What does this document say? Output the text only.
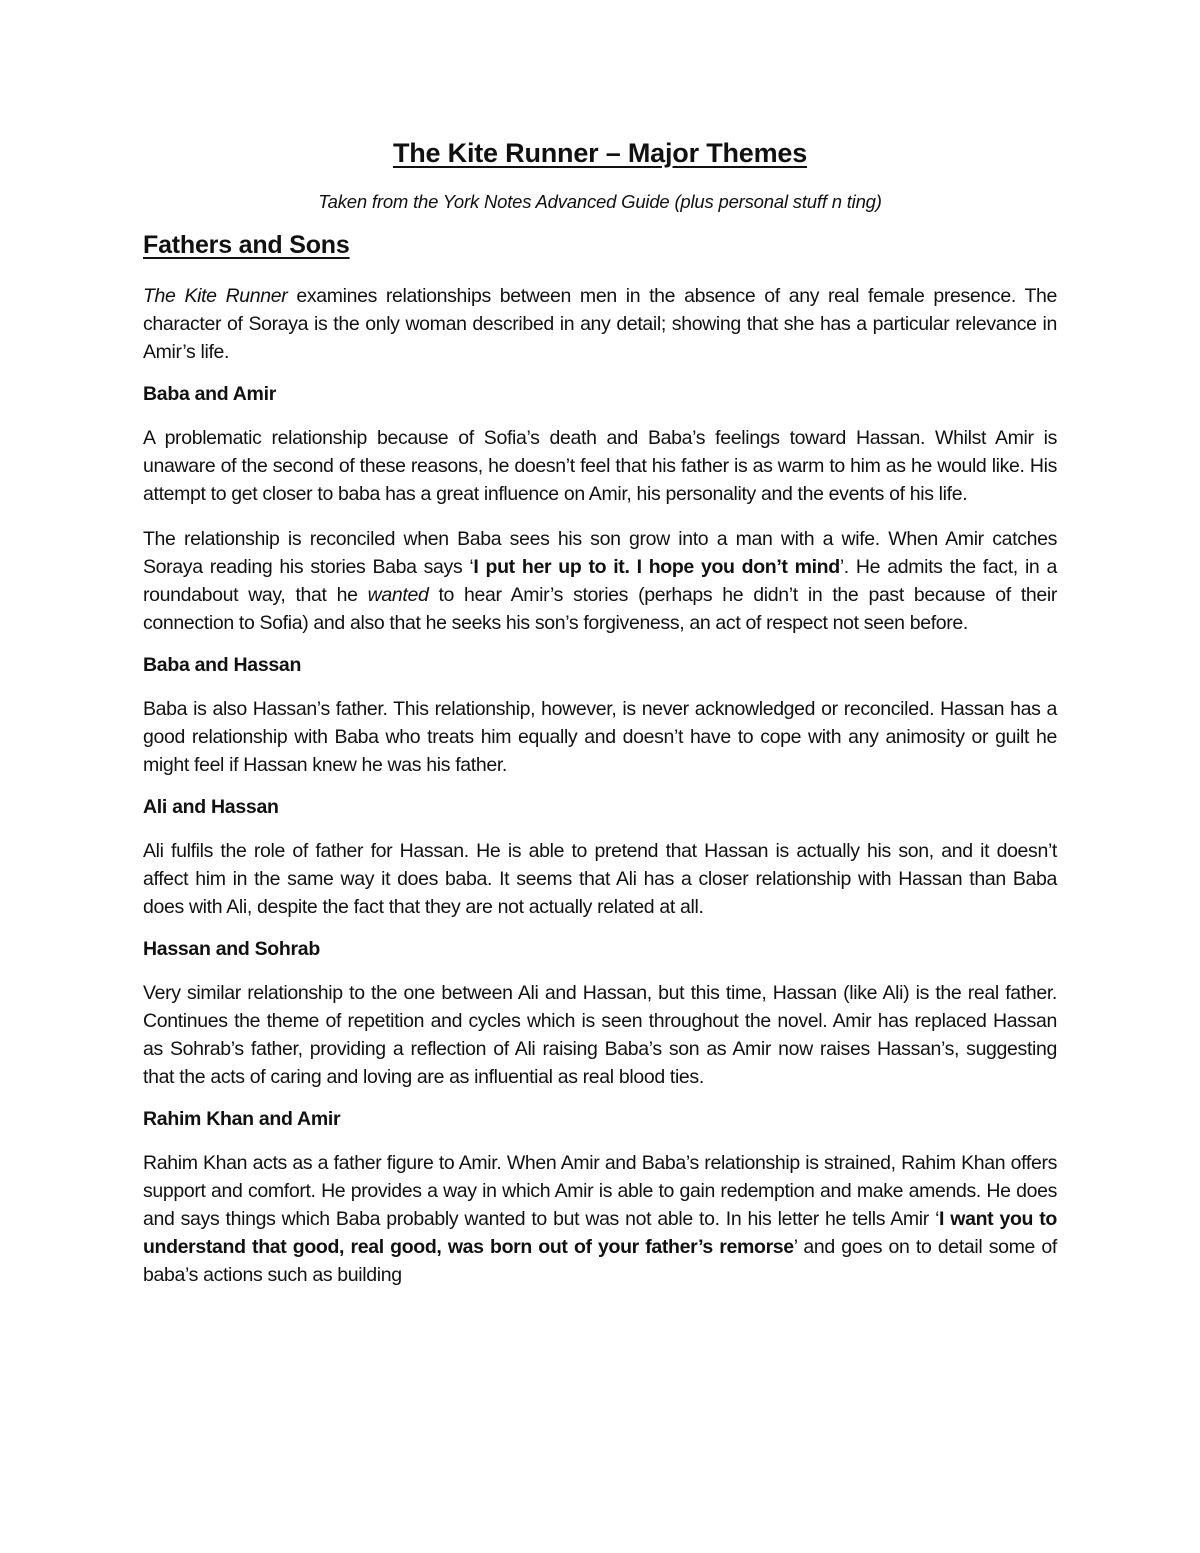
The Kite Runner – Major Themes

Taken from the York Notes Advanced Guide (plus personal stuff n ting)

Fathers and Sons

The Kite Runner examines relationships between men in the absence of any real female presence. The character of Soraya is the only woman described in any detail; showing that she has a particular relevance in Amir’s life.

Baba and Amir

A problematic relationship because of Sofia’s death and Baba’s feelings toward Hassan. Whilst Amir is unaware of the second of these reasons, he doesn’t feel that his father is as warm to him as he would like. His attempt to get closer to baba has a great influence on Amir, his personality and the events of his life.

The relationship is reconciled when Baba sees his son grow into a man with a wife. When Amir catches Soraya reading his stories Baba says ‘I put her up to it. I hope you don’t mind’. He admits the fact, in a roundabout way, that he wanted to hear Amir’s stories (perhaps he didn’t in the past because of their connection to Sofia) and also that he seeks his son’s forgiveness, an act of respect not seen before.

Baba and Hassan

Baba is also Hassan’s father. This relationship, however, is never acknowledged or reconciled. Hassan has a good relationship with Baba who treats him equally and doesn’t have to cope with any animosity or guilt he might feel if Hassan knew he was his father.

Ali and Hassan

Ali fulfils the role of father for Hassan. He is able to pretend that Hassan is actually his son, and it doesn’t affect him in the same way it does baba. It seems that Ali has a closer relationship with Hassan than Baba does with Ali, despite the fact that they are not actually related at all.

Hassan and Sohrab

Very similar relationship to the one between Ali and Hassan, but this time, Hassan (like Ali) is the real father. Continues the theme of repetition and cycles which is seen throughout the novel. Amir has replaced Hassan as Sohrab’s father, providing a reflection of Ali raising Baba’s son as Amir now raises Hassan’s, suggesting that the acts of caring and loving are as influential as real blood ties.

Rahim Khan and Amir

Rahim Khan acts as a father figure to Amir. When Amir and Baba’s relationship is strained, Rahim Khan offers support and comfort. He provides a way in which Amir is able to gain redemption and make amends. He does and says things which Baba probably wanted to but was not able to. In his letter he tells Amir ‘I want you to understand that good, real good, was born out of your father’s remorse’ and goes on to detail some of baba’s actions such as building
